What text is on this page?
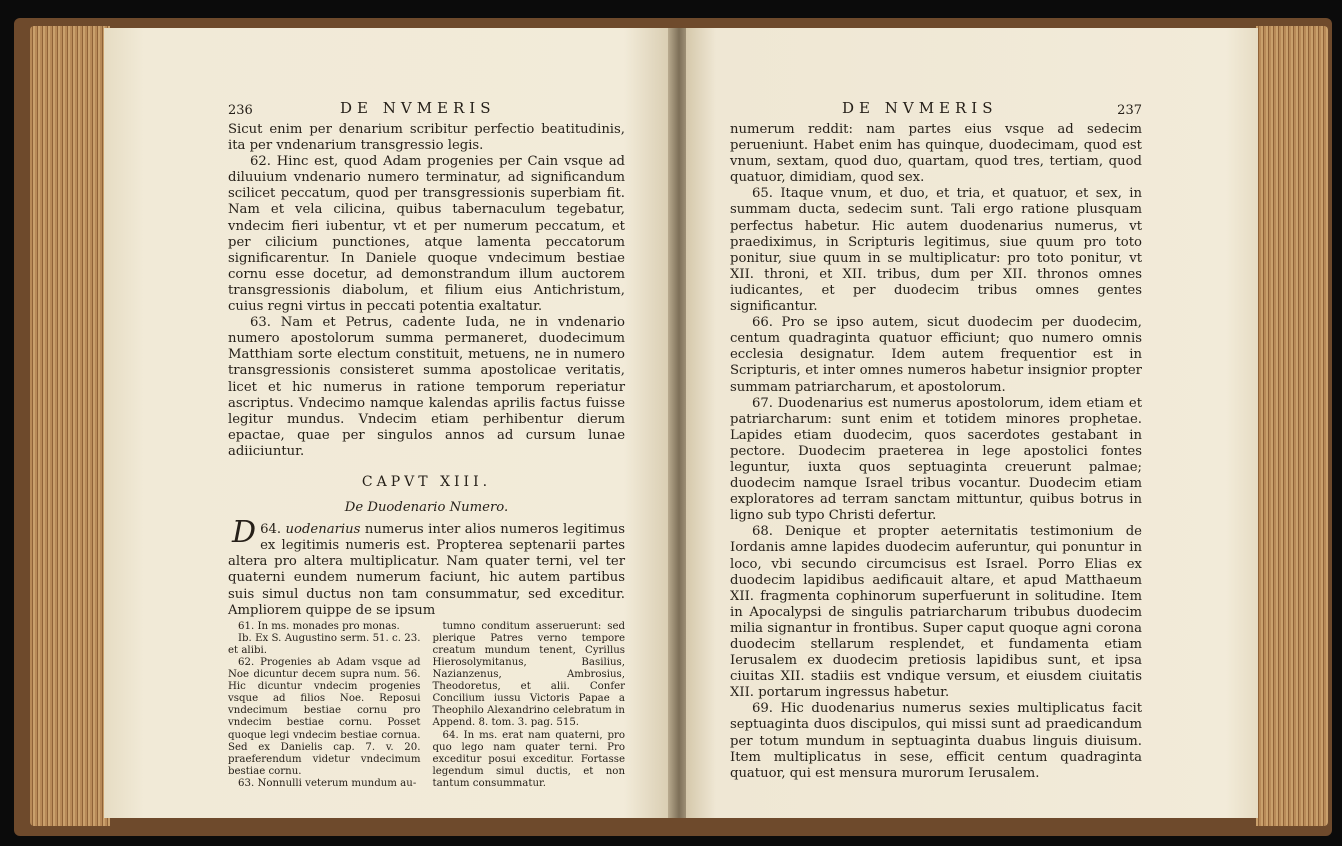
236	DE NVMERIS

Sicut enim per denarium scribitur perfectio beatitudinis, ita per vndenarium transgressio legis.

62. Hinc est, quod Adam progenies per Cain vsque ad diluuium vndenario numero terminatur, ad significandum scilicet peccatum, quod per transgressionis superbiam fit. Nam et vela cilicina, quibus tabernaculum tegebatur, vndecim fieri iubentur, vt et per numerum peccatum, et per cilicium punctiones, atque lamenta peccatorum significarentur. In Daniele quoque vndecimum bestiae cornu esse docetur, ad demonstrandum illum auctorem transgressionis diabolum, et filium eius Antichristum, cuius regni virtus in peccati potentia exaltatur.

63. Nam et Petrus, cadente Iuda, ne in vndenario numero apostolorum summa permaneret, duodecimum Matthiam sorte electum constituit, metuens, ne in numero transgressionis consisteret summa apostolicae veritatis, licet et hic numerus in ratione temporum reperiatur ascriptus. Vndecimo namque kalendas aprilis factus fuisse legitur mundus. Vndecim etiam perhibentur dierum epactae, quae per singulos annos ad cursum lunae adiiciuntur.

CAPVT XIII.
De Duodenario Numero.

64.
D uodenarius numerus inter alios numeros legitimus ex legitimis numeris est. Propterea septenarii partes altera pro altera multiplicatur. Nam quater terni, vel ter quaterni eundem numerum faciunt, hic autem partibus suis simul ductus non tam consummatur, sed exceditur. Ampliorem quippe de se ipsum

61. In ms. monades pro monas.

Ib. Ex S. Augustino serm. 51. c. 23. et alibi.

62. Progenies ab Adam vsque ad Noe dicuntur decem supra num. 56. Hic dicuntur vndecim progenies vsque ad filios Noe. Reposui vndecimum bestiae cornu pro vndecim bestiae cornu. Posset quoque legi vndecim bestiae cornua. Sed ex Danielis cap. 7. v. 20. praeferendum videtur vndecimum bestiae cornu.

63. Nonnulli veterum mundum au-

tumno conditum asseruerunt: sed plerique Patres verno tempore creatum mundum tenent, Cyrillus Hierosolymitanus, Basilius, Nazianzenus, Ambrosius, Theodoretus, et alii. Confer Concilium iussu Victoris Papae a Theophilo Alexandrino celebratum in Append. 8. tom. 3. pag. 515.

64. In ms. erat nam quaterni, pro quo lego nam quater terni. Pro exceditur posui exceditur. Fortasse legendum simul ductis, et non tantum consummatur.

DE NVMERIS	237

numerum reddit: nam partes eius vsque ad sedecim perueniunt. Habet enim has quinque, duodecimam, quod est vnum, sextam, quod duo, quartam, quod tres, tertiam, quod quatuor, dimidiam, quod sex.

65. Itaque vnum, et duo, et tria, et quatuor, et sex, in summam ducta, sedecim sunt. Tali ergo ratione plusquam perfectus habetur. Hic autem duodenarius numerus, vt praediximus, in Scripturis legitimus, siue quum pro toto ponitur, siue quum in se multiplicatur: pro toto ponitur, vt XII. throni, et XII. tribus, dum per XII. thronos omnes iudicantes, et per duodecim tribus omnes gentes significantur.

66. Pro se ipso autem, sicut duodecim per duodecim, centum quadraginta quatuor efficiunt; quo numero omnis ecclesia designatur. Idem autem frequentior est in Scripturis, et inter omnes numeros habetur insignior propter summam patriarcharum, et apostolorum.

67. Duodenarius est numerus apostolorum, idem etiam et patriarcharum: sunt enim et totidem minores prophetae. Lapides etiam duodecim, quos sacerdotes gestabant in pectore. Duodecim praeterea in lege apostolici fontes leguntur, iuxta quos septuaginta creuerunt palmae; duodecim namque Israel tribus vocantur. Duodecim etiam exploratores ad terram sanctam mittuntur, quibus botrus in ligno sub typo Christi defertur.

68. Denique et propter aeternitatis testimonium de Iordanis amne lapides duodecim auferuntur, qui ponuntur in loco, vbi secundo circumcisus est Israel. Porro Elias ex duodecim lapidibus aedificauit altare, et apud Matthaeum XII. fragmenta cophinorum superfuerunt in solitudine. Item in Apocalypsi de singulis patriarcharum tribubus duodecim milia signantur in frontibus. Super caput quoque agni corona duodecim stellarum resplendet, et fundamenta etiam Ierusalem ex duodecim pretiosis lapidibus sunt, et ipsa ciuitas XII. stadiis est vndique versum, et eiusdem ciuitatis XII. portarum ingressus habetur.

69. Hic duodenarius numerus sexies multiplicatus facit septuaginta duos discipulos, qui missi sunt ad praedicandum per totum mundum in septuaginta duabus linguis diuisum. Item multiplicatus in sese, efficit centum quadraginta quatuor, qui est mensura murorum Ierusalem.
